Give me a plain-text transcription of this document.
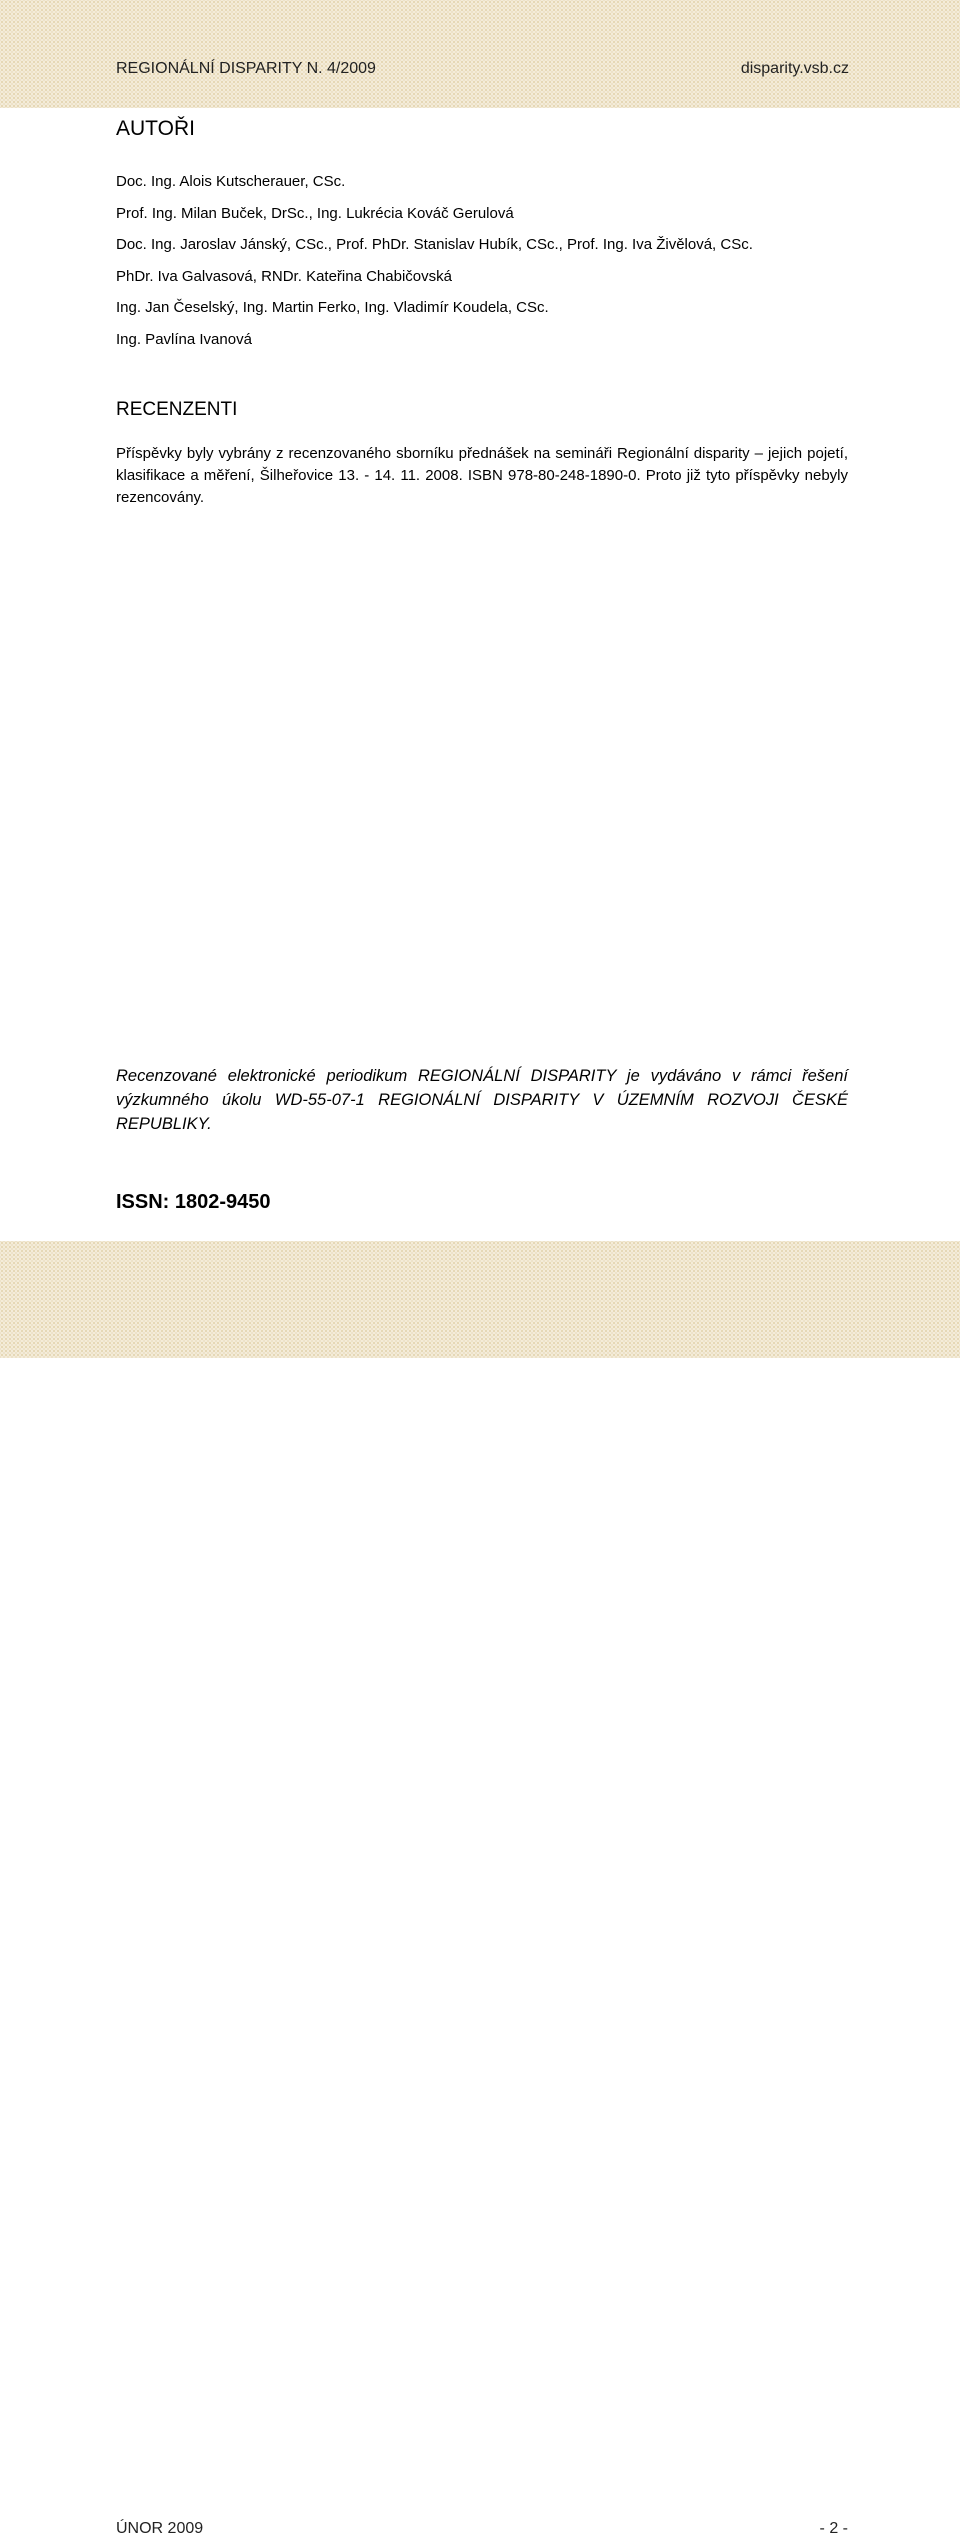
REGIONÁLNÍ DISPARITY N. 4/2009	disparity.vsb.cz
AUTOŘI
Doc. Ing. Alois Kutscherauer, CSc.
Prof. Ing. Milan Buček, DrSc., Ing. Lukrécia Kováč Gerulová
Doc. Ing. Jaroslav Jánský, CSc., Prof. PhDr. Stanislav Hubík, CSc., Prof. Ing. Iva Živělová, CSc.
PhDr. Iva Galvasová, RNDr. Kateřina Chabičovská
Ing. Jan Česelský, Ing. Martin Ferko, Ing. Vladimír Koudela, CSc.
Ing. Pavlína Ivanová
RECENZENTI

Příspěvky byly vybrány z recenzovaného sborníku přednášek na semináři Regionální disparity – jejich pojetí, klasifikace a měření, Šilheřovice 13. - 14. 11. 2008. ISBN 978-80-248-1890-0. Proto již tyto příspěvky nebyly rezencovány.

Recenzované elektronické periodikum REGIONÁLNÍ DISPARITY je vydáváno v rámci řešení výzkumného úkolu WD-55-07-1 REGIONÁLNÍ DISPARITY V ÚZEMNÍM ROZVOJI ČESKÉ REPUBLIKY.

ISSN: 1802-9450

ÚNOR 2009	- 2 -
